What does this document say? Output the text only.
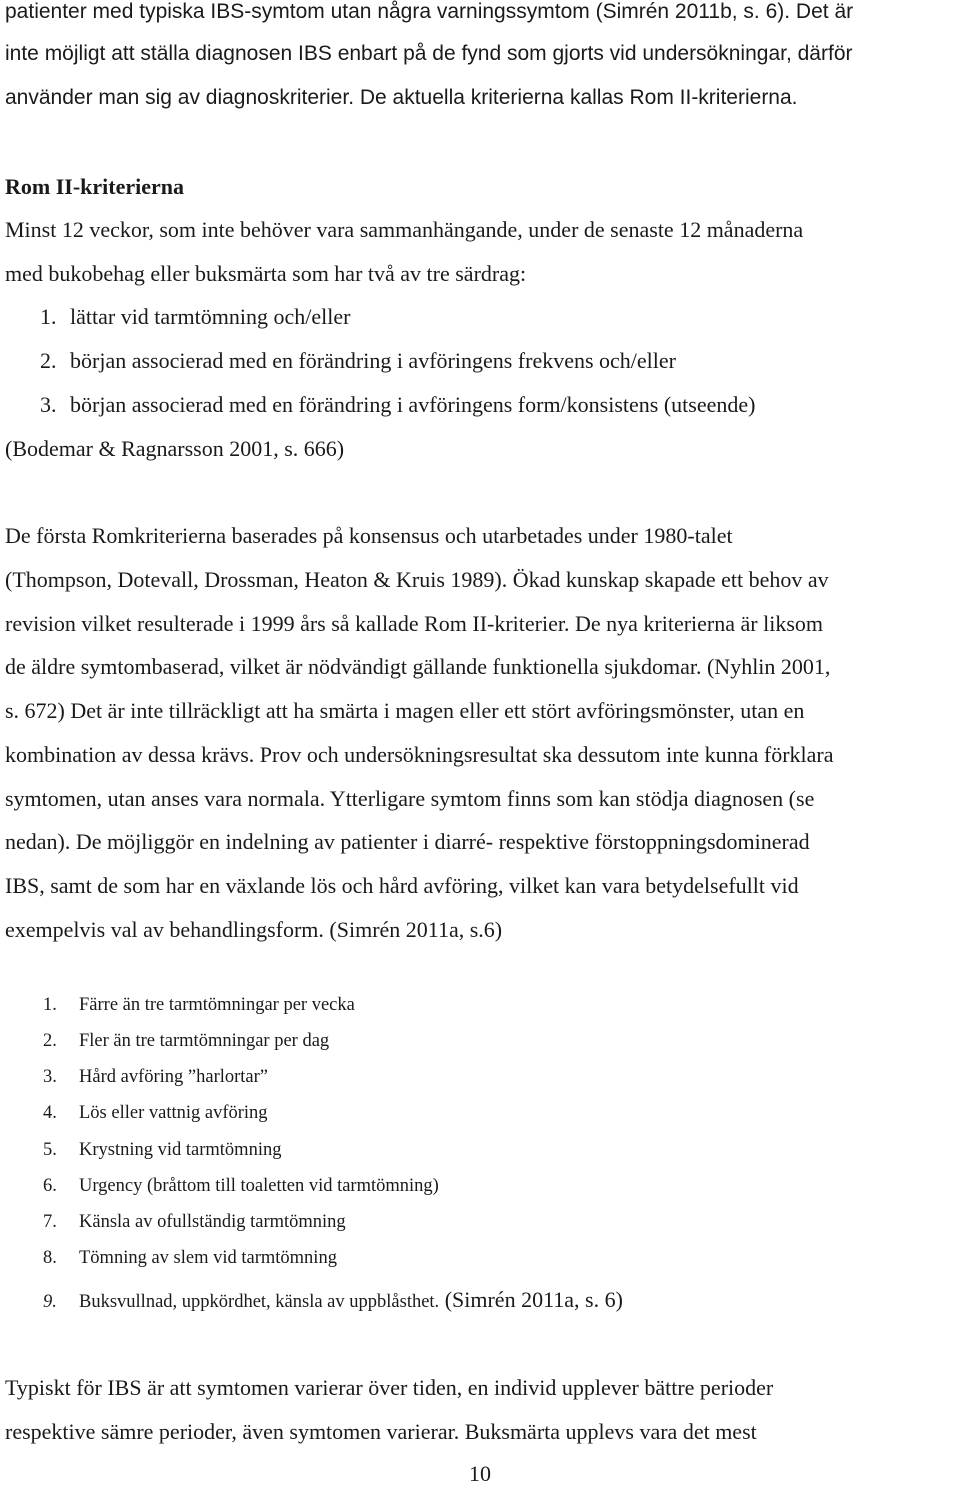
patienter med typiska IBS-symtom utan några varningssymtom (Simrén 2011b, s. 6). Det är

inte möjligt att ställa diagnosen IBS enbart på de fynd som gjorts vid undersökningar, därför

använder man sig av diagnoskriterier. De aktuella kriterierna kallas Rom II-kriterierna.

Rom II-kriterierna

Minst 12 veckor, som inte behöver vara sammanhängande, under de senaste 12 månaderna

med bukobehag eller buksmärta som har två av tre särdrag:

1. lättar vid tarmtömning och/eller

2. början associerad med en förändring i avföringens frekvens och/eller

3. början associerad med en förändring i avföringens form/konsistens (utseende)

(Bodemar & Ragnarsson 2001, s. 666)

De första Romkriterierna baserades på konsensus och utarbetades under 1980-talet

(Thompson, Dotevall, Drossman, Heaton & Kruis 1989). Ökad kunskap skapade ett behov av

revision vilket resulterade i 1999 års så kallade Rom II-kriterier. De nya kriterierna är liksom

de äldre symtombaserad, vilket är nödvändigt gällande funktionella sjukdomar. (Nyhlin 2001,

s. 672) Det är inte tillräckligt att ha smärta i magen eller ett stört avföringsmönster, utan en

kombination av dessa krävs. Prov och undersökningsresultat ska dessutom inte kunna förklara

symtomen, utan anses vara normala. Ytterligare symtom finns som kan stödja diagnosen (se

nedan). De möjliggör en indelning av patienter i diarré- respektive förstoppningsdominerad

IBS, samt de som har en växlande lös och hård avföring, vilket kan vara betydelsefullt vid

exempelvis val av behandlingsform. (Simrén 2011a, s.6)

1. Färre än tre tarmtömningar per vecka

2. Fler än tre tarmtömningar per dag

3. Hård avföring ”harlortar”

4. Lös eller vattnig avföring

5. Krystning vid tarmtömning

6. Urgency (bråttom till toaletten vid tarmtömning)

7. Känsla av ofullständig tarmtömning

8. Tömning av slem vid tarmtömning

9. Buksvullnad, uppkördhet, känsla av uppblåsthet. (Simrén 2011a, s. 6)

Typiskt för IBS är att symtomen varierar över tiden, en individ upplever bättre perioder

respektive sämre perioder, även symtomen varierar. Buksmärta upplevs vara det mest

10
